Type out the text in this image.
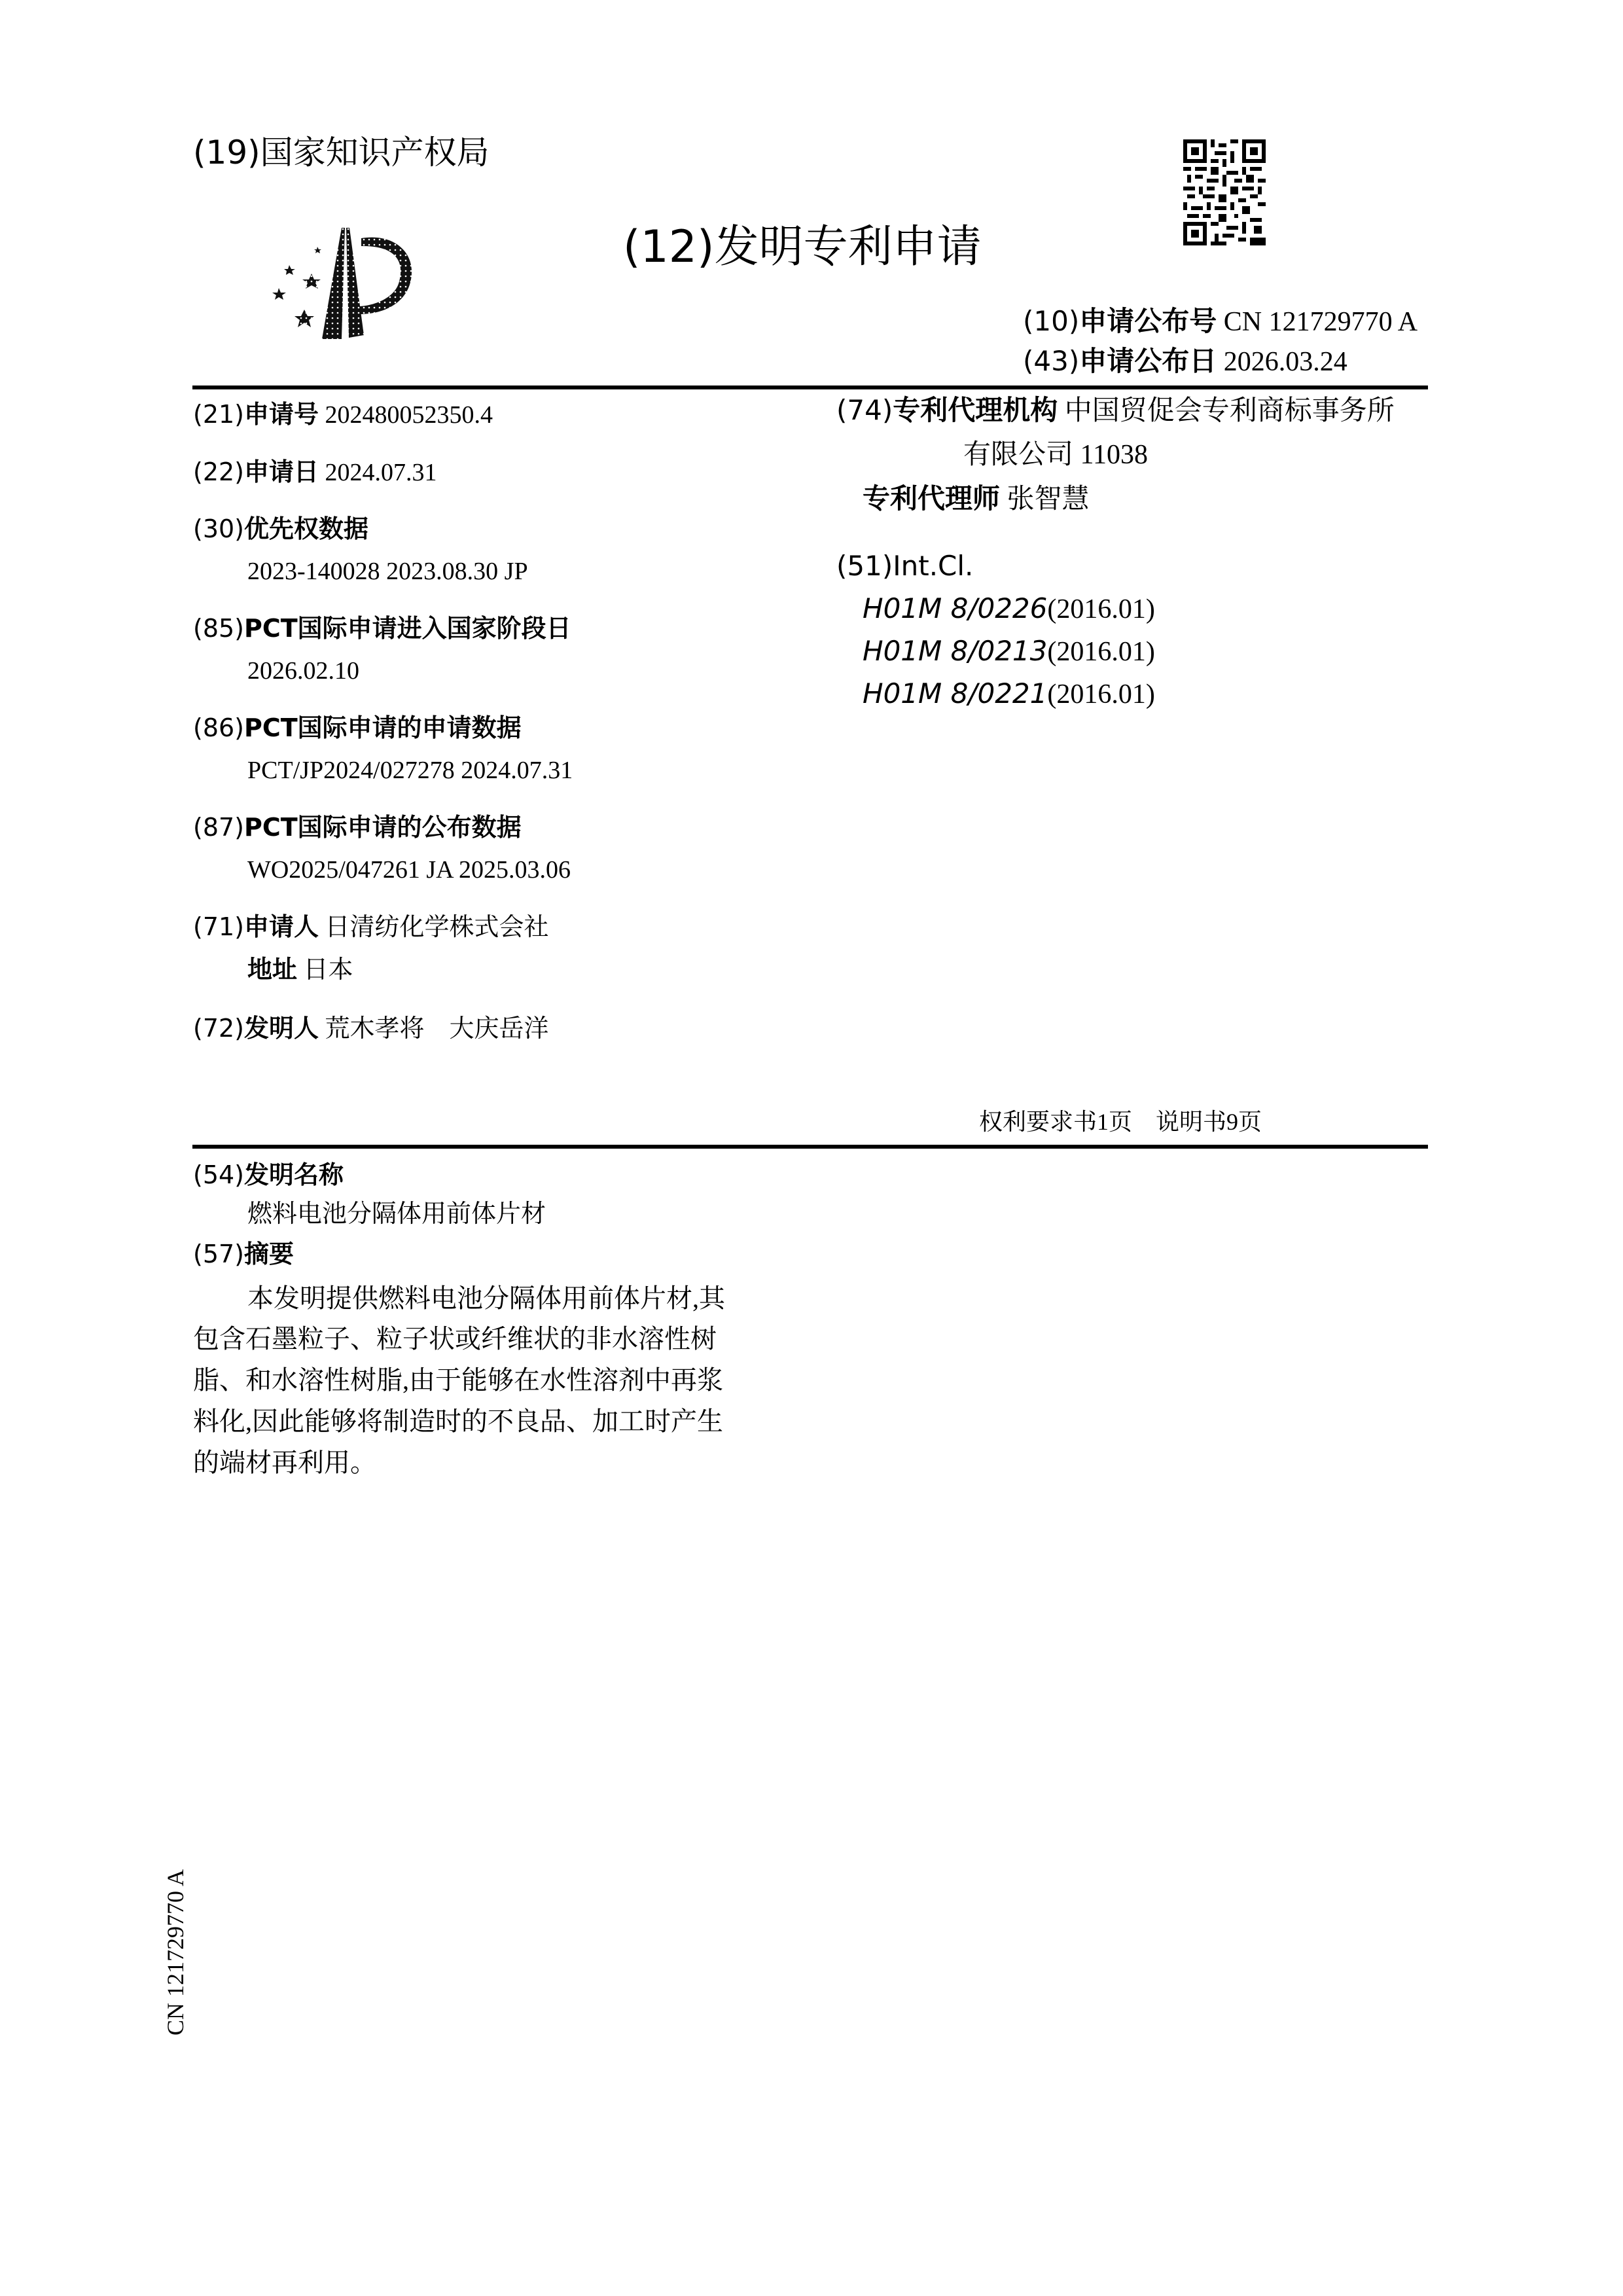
(19)国家知识产权局
(12)发明专利申请
(10)申请公布号 CN 121729770 A
(43)申请公布日 2026.03.24
(21)申请号 202480052350.4
(22)申请日 2024.07.31
(30)优先权数据
2023-140028 2023.08.30 JP
(85)PCT国际申请进入国家阶段日
2026.02.10
(86)PCT国际申请的申请数据
PCT/JP2024/027278 2024.07.31
(87)PCT国际申请的公布数据
WO2025/047261 JA 2025.03.06
(71)申请人 日清纺化学株式会社
地址 日本
(72)发明人 荒木孝将　大庆岳洋
(74)专利代理机构 中国贸促会专利商标事务所
有限公司 11038
专利代理师 张智慧
(51)Int.Cl.
H01M 8/0226(2016.01)
H01M 8/0213(2016.01)
H01M 8/0221(2016.01)
权利要求书1页　说明书9页
(54)发明名称
燃料电池分隔体用前体片材
(57)摘要
本发明提供燃料电池分隔体用前体片材,其
包含石墨粒子、粒子状或纤维状的非水溶性树
脂、和水溶性树脂,由于能够在水性溶剂中再浆
料化,因此能够将制造时的不良品、加工时产生
的端材再利用。
CN 121729770 A
